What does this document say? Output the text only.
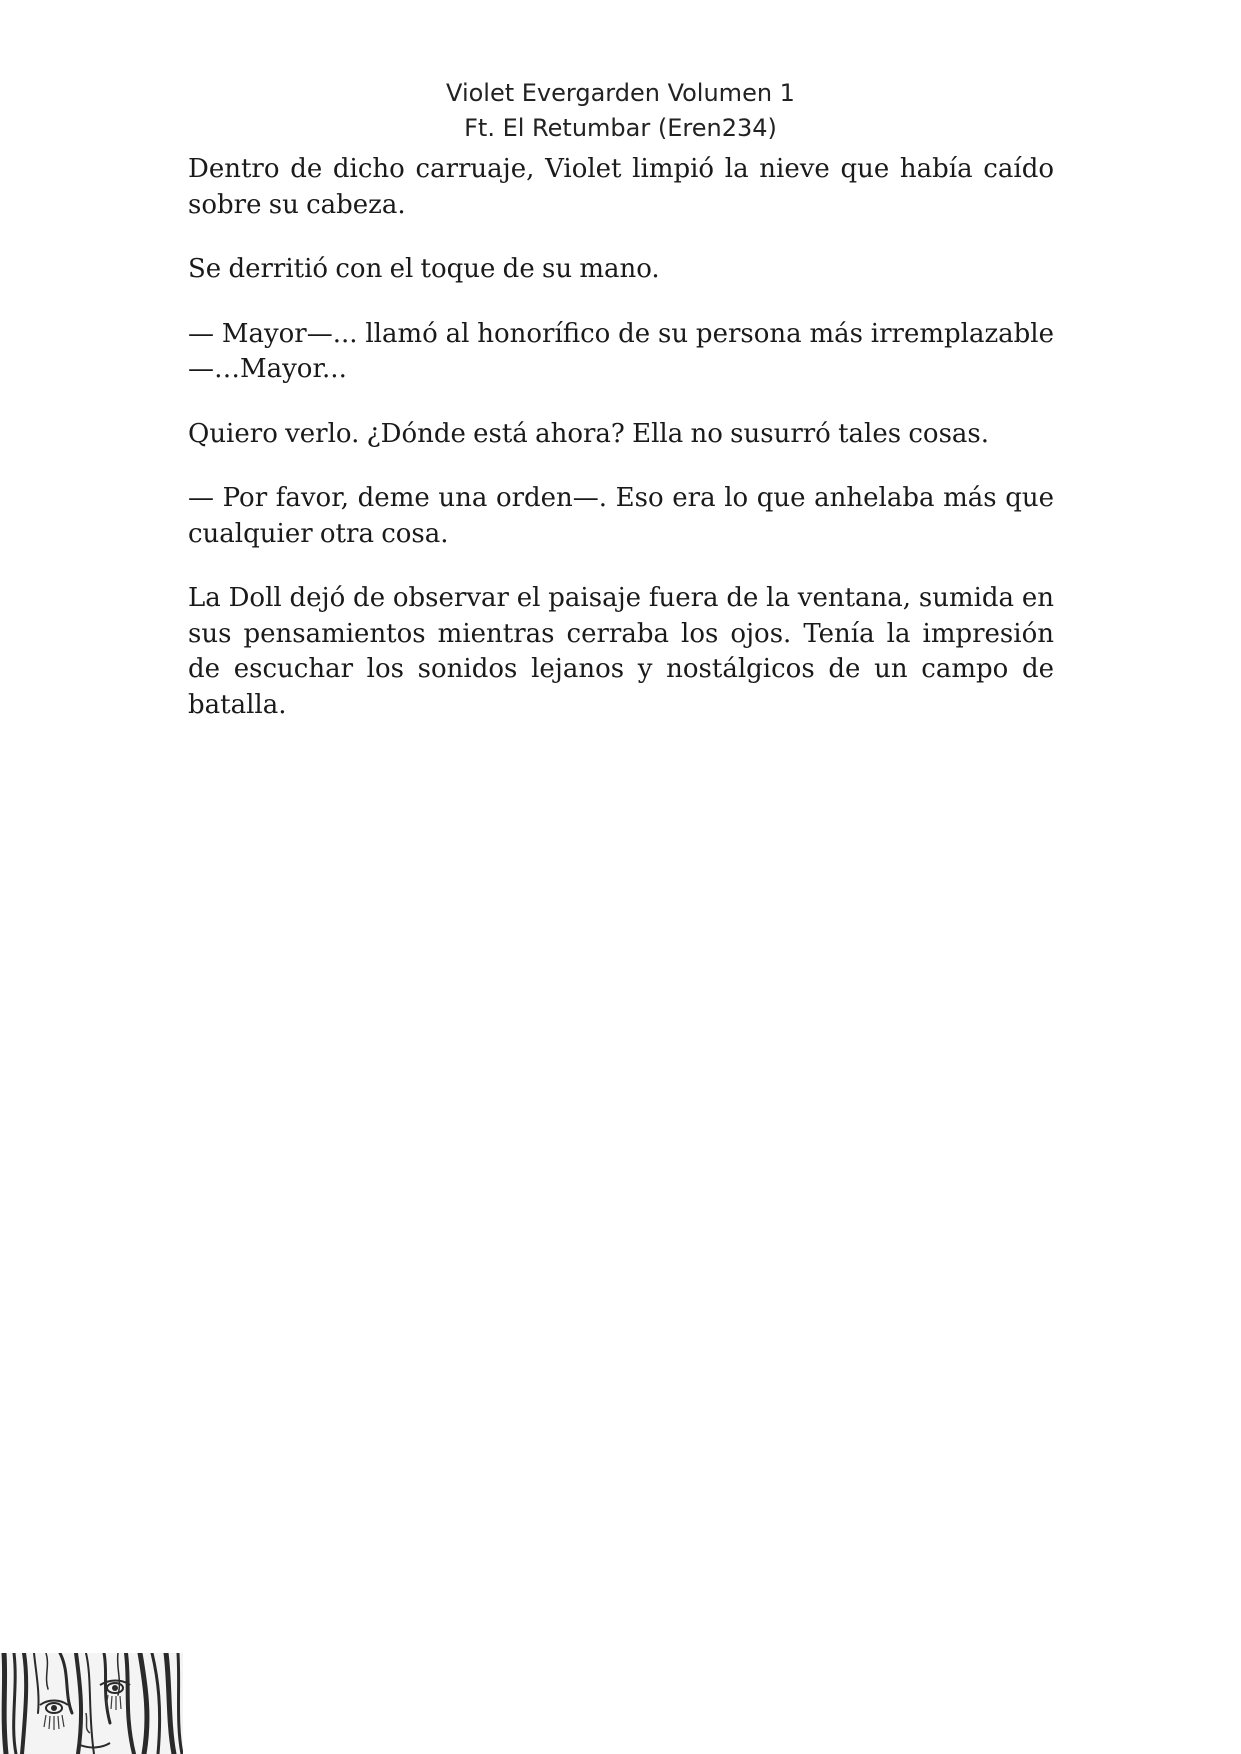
Violet Evergarden Volumen 1
Ft. El Retumbar (Eren234)

Dentro de dicho carruaje, Violet limpió la nieve que había caído sobre su cabeza.

Se derritió con el toque de su mano.

— Mayor—... llamó al honorífico de su persona más irremplazable—…Mayor...

Quiero verlo. ¿Dónde está ahora? Ella no susurró tales cosas.

— Por favor, deme una orden—. Eso era lo que anhelaba más que cualquier otra cosa.

La Doll dejó de observar el paisaje fuera de la ventana, sumida en sus pensamientos mientras cerraba los ojos. Tenía la impresión de escuchar los sonidos lejanos y nostálgicos de un campo de batalla.
